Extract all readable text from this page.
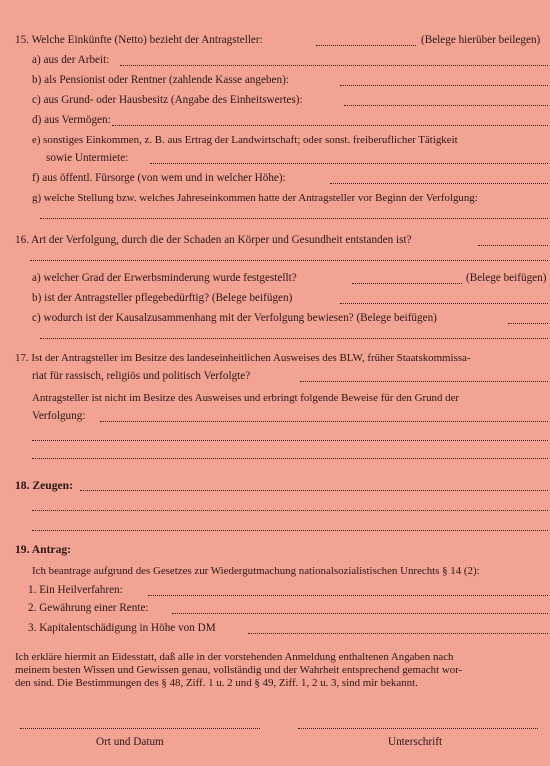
15. Welche Einkünfte (Netto) bezieht der Antragsteller:	(Belege hierüber beilegen)
a) aus der Arbeit:
b) als Pensionist oder Rentner (zahlende Kasse angeben):
c) aus Grund- oder Hausbesitz (Angabe des Einheitswertes):
d) aus Vermögen:
e) sonstiges Einkommen, z. B. aus Ertrag der Landwirtschaft; oder sonst. freiberuflicher Tätigkeit
sowie Untermiete:
f) aus öffentl. Fürsorge (von wem und in welcher Höhe):
g) welche Stellung bzw. welches Jahreseinkommen hatte der Antragsteller vor Beginn der Verfolgung:
16. Art der Verfolgung, durch die der Schaden an Körper und Gesundheit entstanden ist?
a) welcher Grad der Erwerbsminderung wurde festgestellt?	(Belege beifügen)
b) ist der Antragsteller pflegebedürftig? (Belege beifügen)
c) wodurch ist der Kausalzusammenhang mit der Verfolgung bewiesen? (Belege beifügen)
17. Ist der Antragsteller im Besitze des landeseinheitlichen Ausweises des BLW, früher Staatskommissa-
riat für rassisch, religiös und politisch Verfolgte?
Antragsteller ist nicht im Besitze des Ausweises und erbringt folgende Beweise für den Grund der
Verfolgung:
18. Zeugen:
19. Antrag:
Ich beantrage aufgrund des Gesetzes zur Wiedergutmachung nationalsozialistischen Unrechts § 14 (2):
1. Ein Heilverfahren:
2. Gewährung einer Rente:
3. Kapitalentschädigung in Höhe von DM
Ich erkläre hiermit an Eidesstatt, daß alle in der vorstehenden Anmeldung enthaltenen Angaben nach
meinem besten Wissen und Gewissen genau, vollständig und der Wahrheit entsprechend gemacht wor-
den sind. Die Bestimmungen des § 48, Ziff. 1 u. 2 und § 49, Ziff. 1, 2 u. 3, sind mir bekannt.
Ort und Datum	Unterschrift
